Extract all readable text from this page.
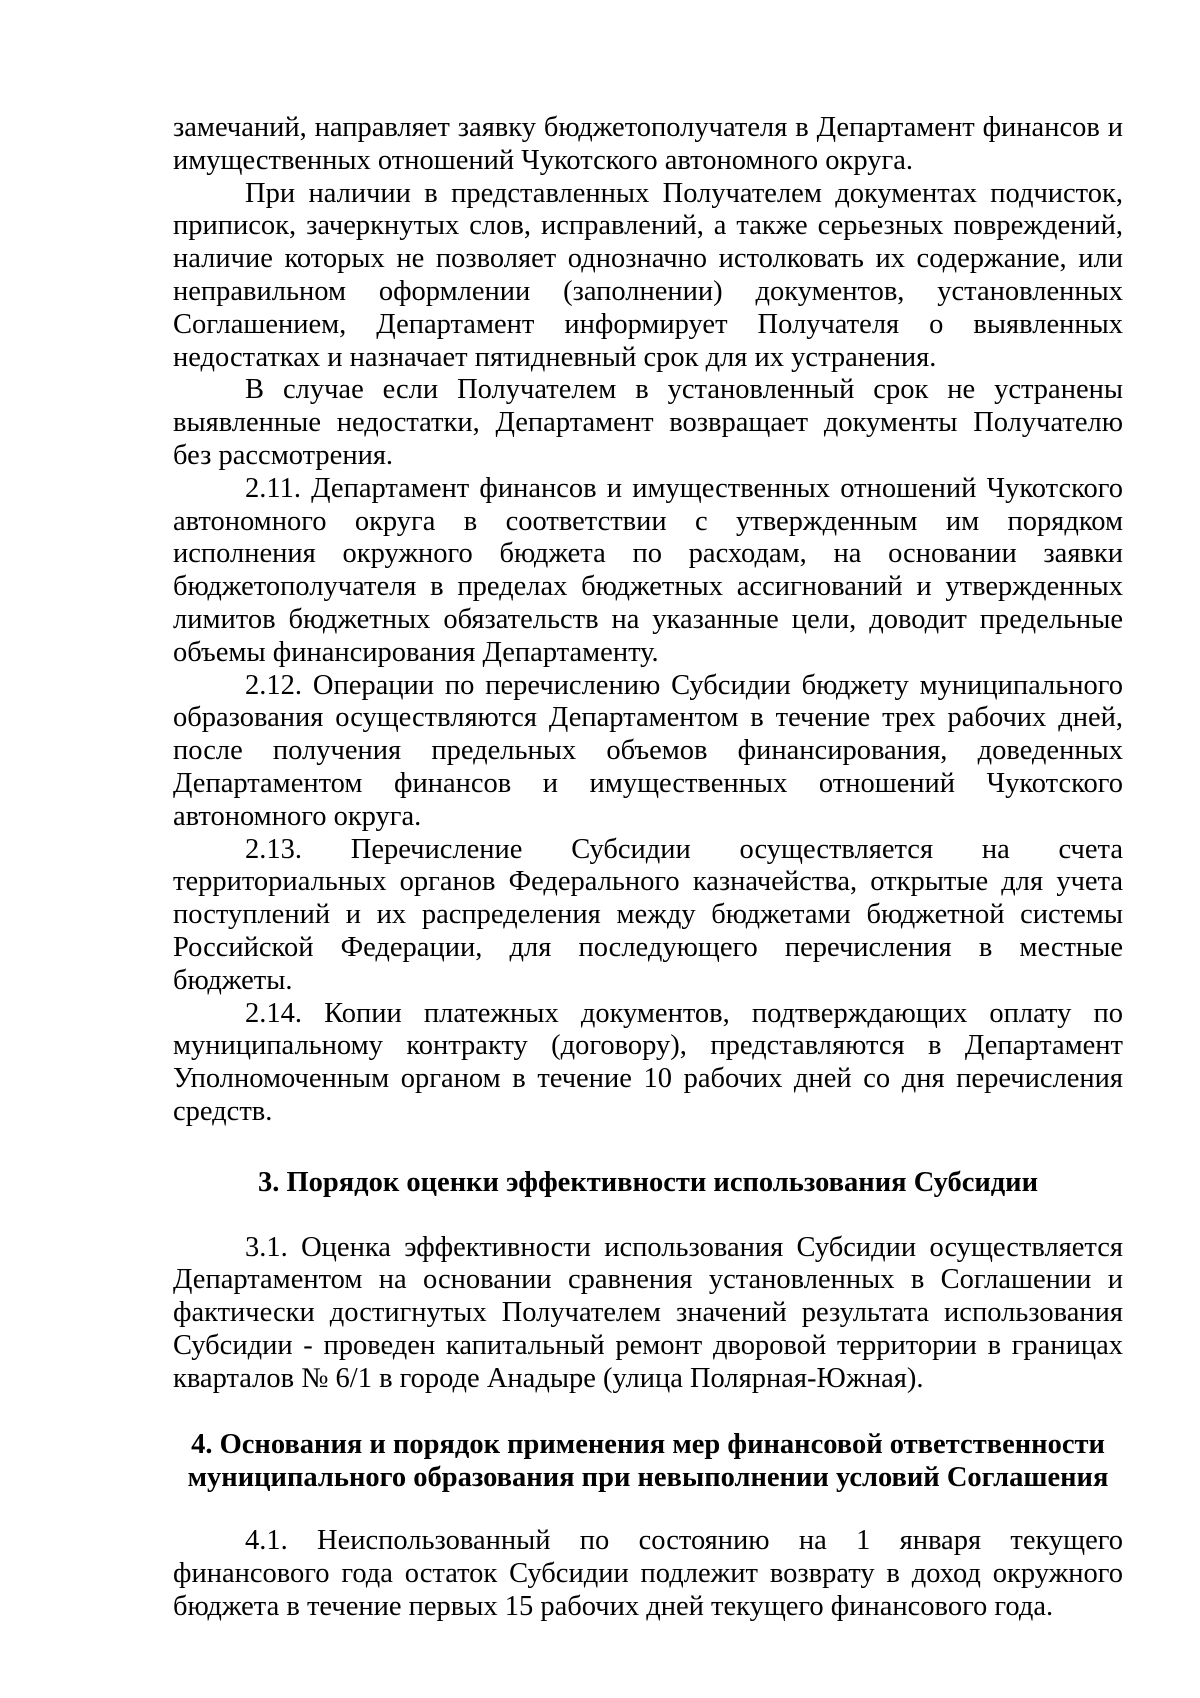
замечаний, направляет заявку бюджетополучателя в Департамент финансов и имущественных отношений Чукотского автономного округа.

При наличии в представленных Получателем документах подчисток, приписок, зачеркнутых слов, исправлений, а также серьезных повреждений, наличие которых не позволяет однозначно истолковать их содержание, или неправильном оформлении (заполнении) документов, установленных Соглашением, Департамент информирует Получателя о выявленных недостатках и назначает пятидневный срок для их устранения.

В случае если Получателем в установленный срок не устранены выявленные недостатки, Департамент возвращает документы Получателю без рассмотрения.

2.11. Департамент финансов и имущественных отношений Чукотского автономного округа в соответствии с утвержденным им порядком исполнения окружного бюджета по расходам, на основании заявки бюджетополучателя в пределах бюджетных ассигнований и утвержденных лимитов бюджетных обязательств на указанные цели, доводит предельные объемы финансирования Департаменту.

2.12. Операции по перечислению Субсидии бюджету муниципального образования осуществляются Департаментом в течение трех рабочих дней, после получения предельных объемов финансирования, доведенных Департаментом финансов и имущественных отношений Чукотского автономного округа.

2.13. Перечисление Субсидии осуществляется на счета территориальных органов Федерального казначейства, открытые для учета поступлений и их распределения между бюджетами бюджетной системы Российской Федерации, для последующего перечисления в местные бюджеты.

2.14. Копии платежных документов, подтверждающих оплату по муниципальному контракту (договору), представляются в Департамент Уполномоченным органом в течение 10 рабочих дней со дня перечисления средств.

3. Порядок оценки эффективности использования Субсидии

3.1. Оценка эффективности использования Субсидии осуществляется Департаментом на основании сравнения установленных в Соглашении и фактически достигнутых Получателем значений результата использования Субсидии - проведен капитальный ремонт дворовой территории в границах кварталов № 6/1 в городе Анадыре (улица Полярная-Южная).

4. Основания и порядок применения мер финансовой ответственности

муниципального образования при невыполнении условий Соглашения

4.1. Неиспользованный по состоянию на 1 января текущего финансового года остаток Субсидии подлежит возврату в доход окружного бюджета в течение первых 15 рабочих дней текущего финансового года.
